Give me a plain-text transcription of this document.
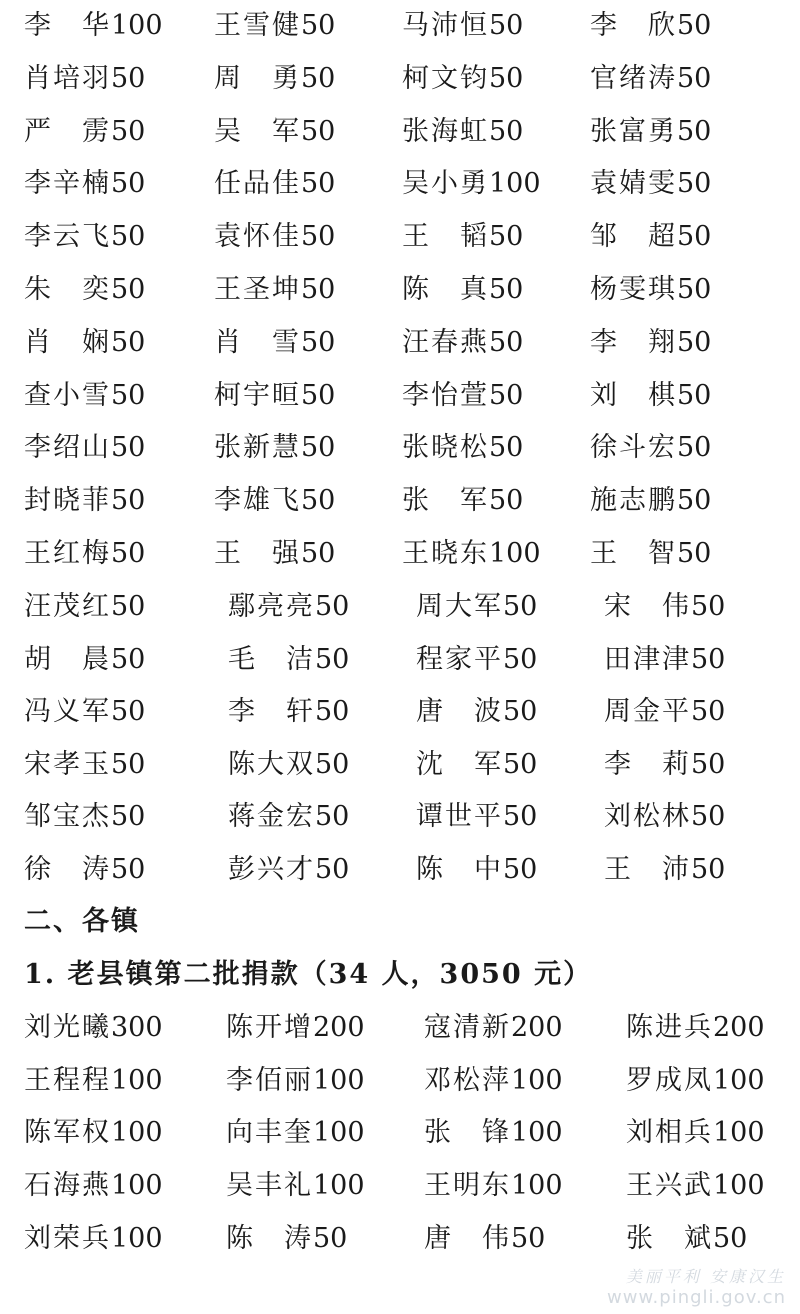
李　华100 王雪健50 马沛恒50 李　欣50
肖培羽50	周　勇50 柯文钧50 官绪涛50
严　雳50	吴　军50 张海虹50 张富勇50
李辛楠50	任品佳50 吴小勇100 袁婧雯50
李云飞50	袁怀佳50 王　韬50 邹　超50
朱　奕50	王圣坤50 陈　真50 杨雯琪50
肖　娴50	肖　雪50 汪春燕50 李　翔50
查小雪50	柯宇晅50 李怡萱50 刘　棋50
李绍山50	张新慧50 张晓松50 徐斗宏50
封晓菲50	李雄飞50 张　军50 施志鹏50
王红梅50	王　强50 王晓东100 王　智50
汪茂红50	鄢亮亮50 周大军50 宋　伟50
胡　晨50	毛　洁50 程家平50 田津津50
冯义军50	李　轩50 唐　波50 周金平50
宋孝玉50	陈大双50 沈　军50 李　莉50
邹宝杰50	蒋金宏50 谭世平50 刘松林50
徐　涛50	彭兴才50 陈　中50 王　沛50
刘光曦300 陈开增200 寇清新200 陈进兵200
王程程100 李佰丽100 邓松萍100 罗成凤100
陈军权100 向丰奎100 张　锋100 刘相兵100
石海燕100 吴丰礼100 王明东100 王兴武100
刘荣兵100 陈　涛50	唐　伟50	张　斌50
二、各镇
1. 老县镇第二批捐款（34 人，3050 元）
美丽平利 安康汉生
www.pingli.gov.cn
